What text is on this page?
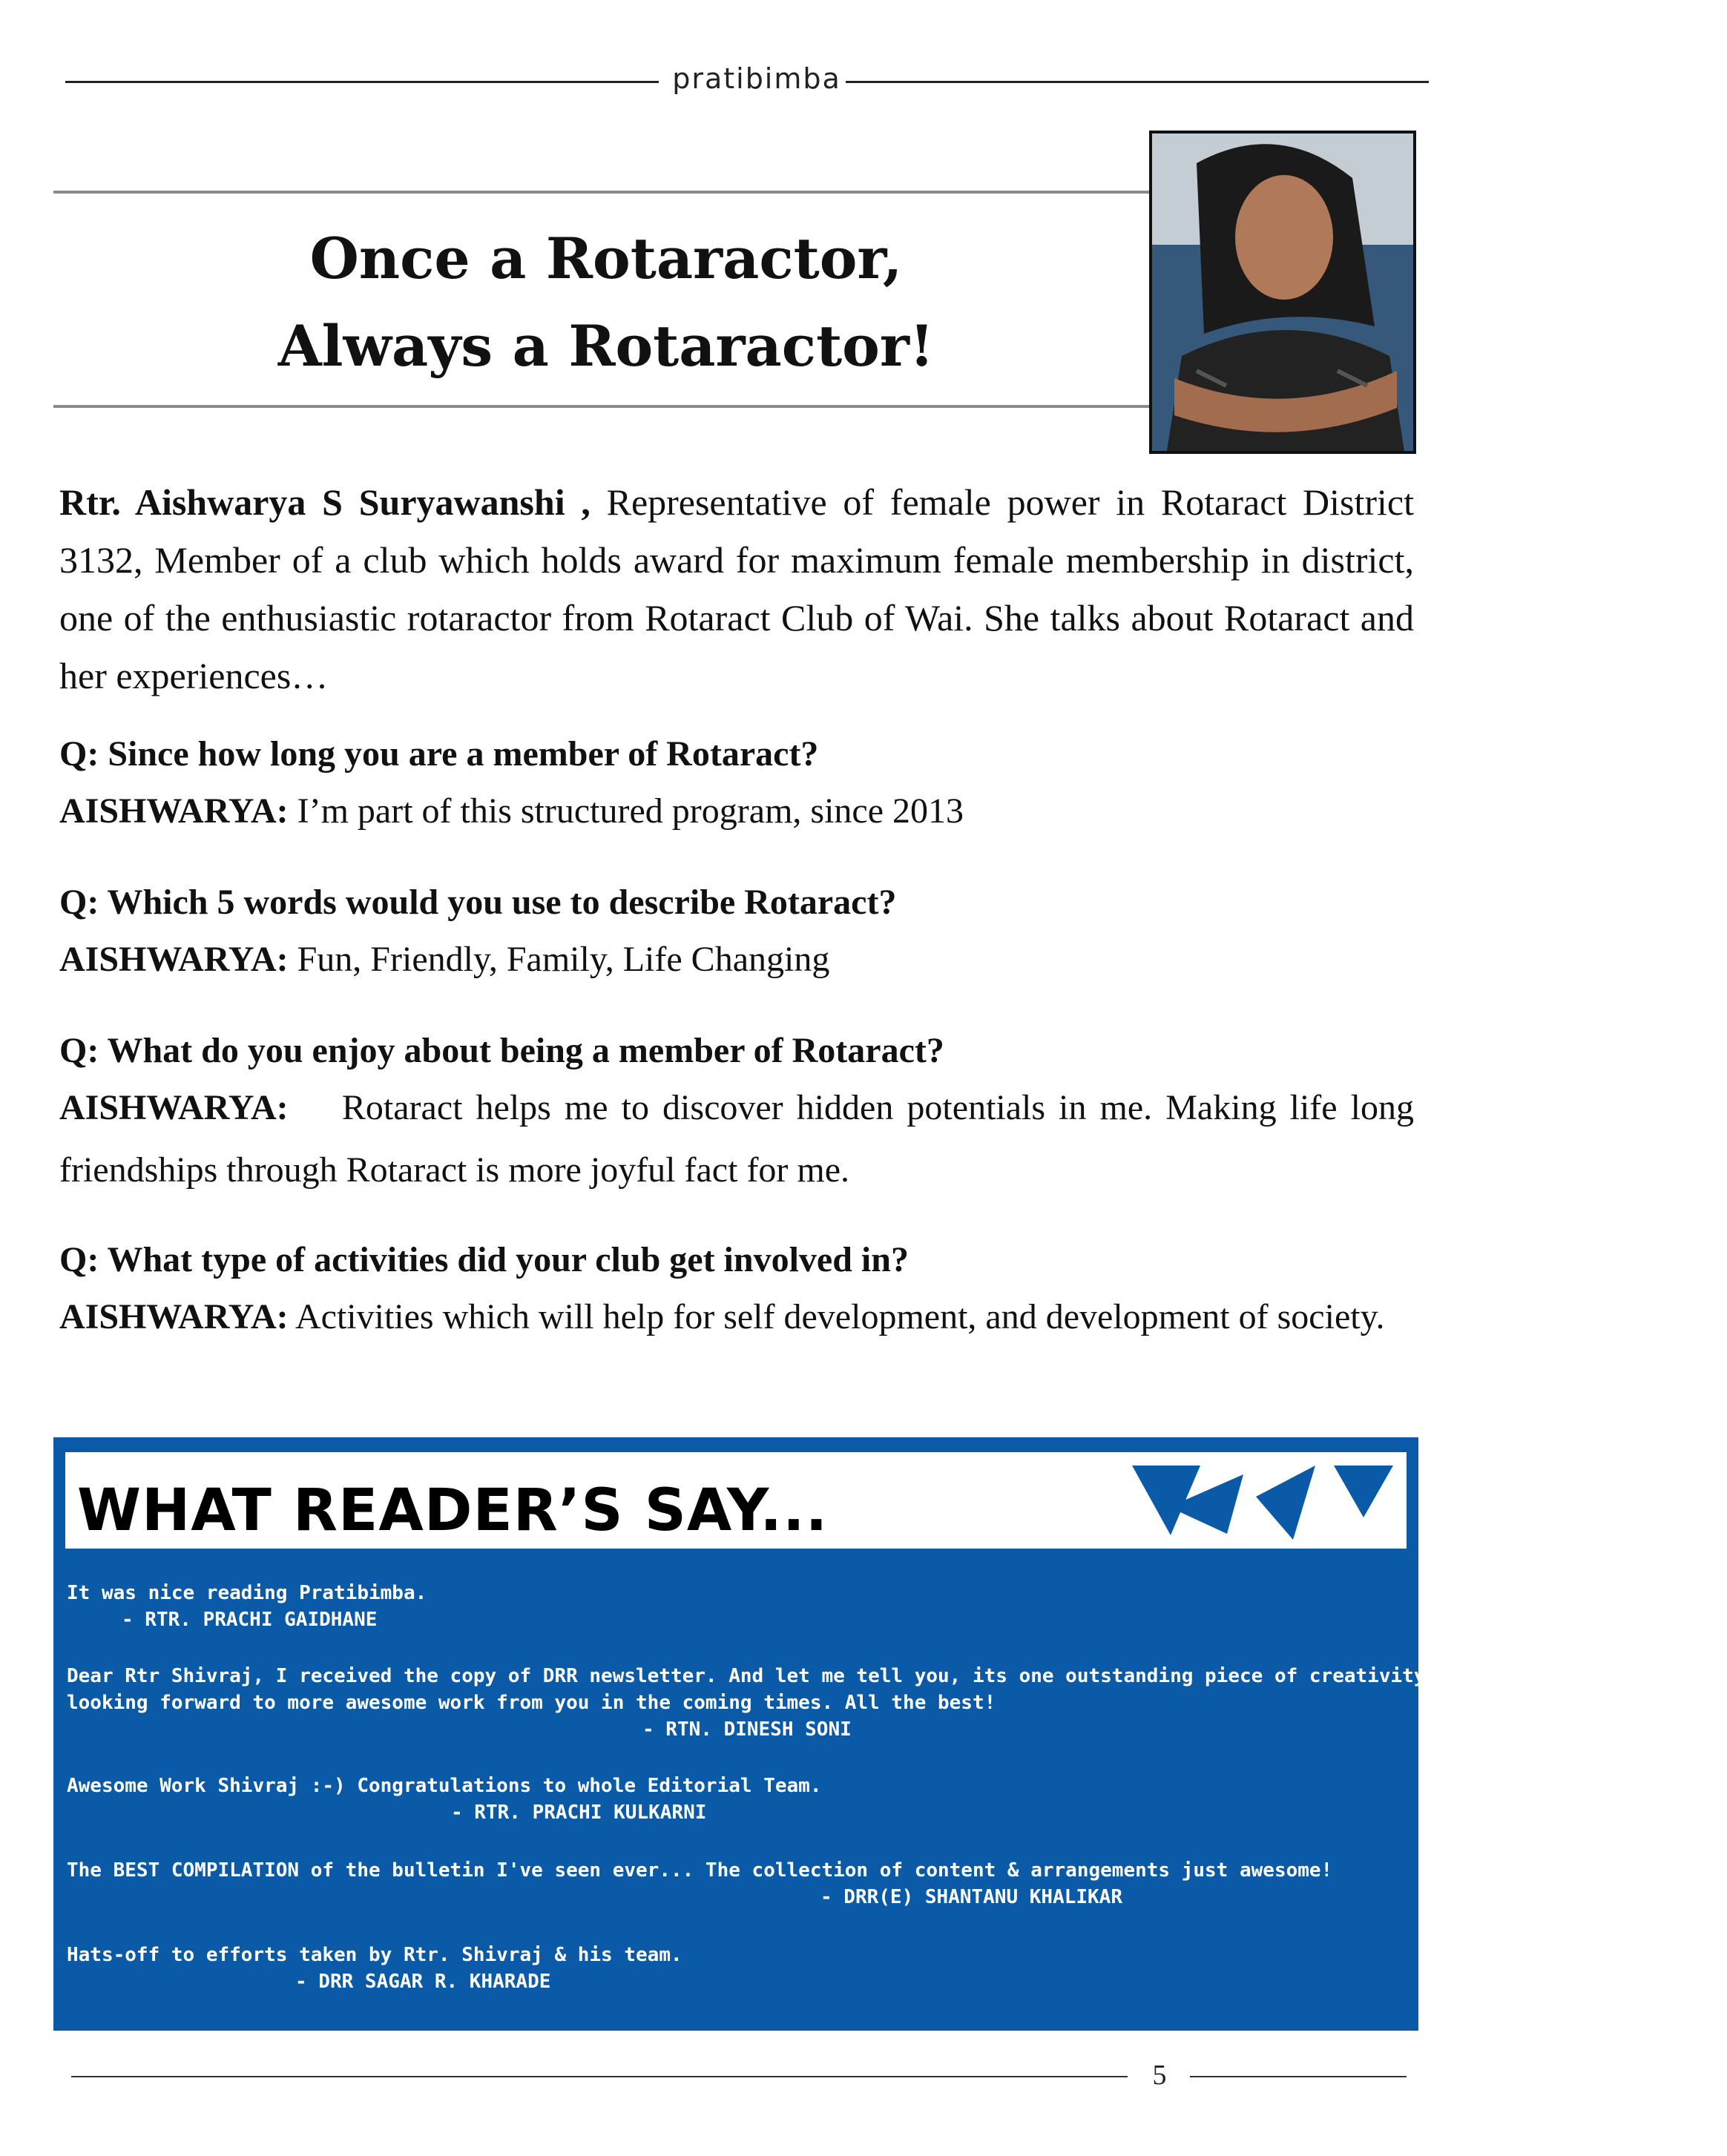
pratibimba
Once a Rotaractor,
Always a Rotaractor!
Rtr. Aishwarya S Suryawanshi , Representative of female power in Rotaract District 3132, Member of a club which holds award for maximum female membership in district, one of the enthusiastic rotaractor from Rotaract Club of Wai. She talks about Rotaract and her experiences…

Q: Since how long you are a member of Rotaract?

AISHWARYA: I’m part of this structured program, since 2013

Q: Which 5 words would you use to describe Rotaract?

AISHWARYA: Fun, Friendly, Family, Life Changing

Q: What do you enjoy about being a member of Rotaract?

AISHWARYA: Rotaract helps me to discover hidden potentials in me. Making life long friendships through Rotaract is more joyful fact for me.

Q: What type of activities did your club get involved in?

AISHWARYA: Activities which will help for self development, and development of society.

WHAT READER’S SAY...
It was nice reading Pratibimba.
- RTR. PRACHI GAIDHANE
Dear Rtr Shivraj, I received the copy of DRR newsletter. And let me tell you, its one outstanding piece of creativity. Very good work done. I'm
looking forward to more awesome work from you in the coming times. All the best!
- RTN. DINESH SONI
Awesome Work Shivraj :-) Congratulations to whole Editorial Team.
- RTR. PRACHI KULKARNI
The BEST COMPILATION of the bulletin I've seen ever... The collection of content & arrangements just awesome!
- DRR(E) SHANTANU KHALIKAR
Hats-off to efforts taken by Rtr. Shivraj & his team.
- DRR SAGAR R. KHARADE
5
